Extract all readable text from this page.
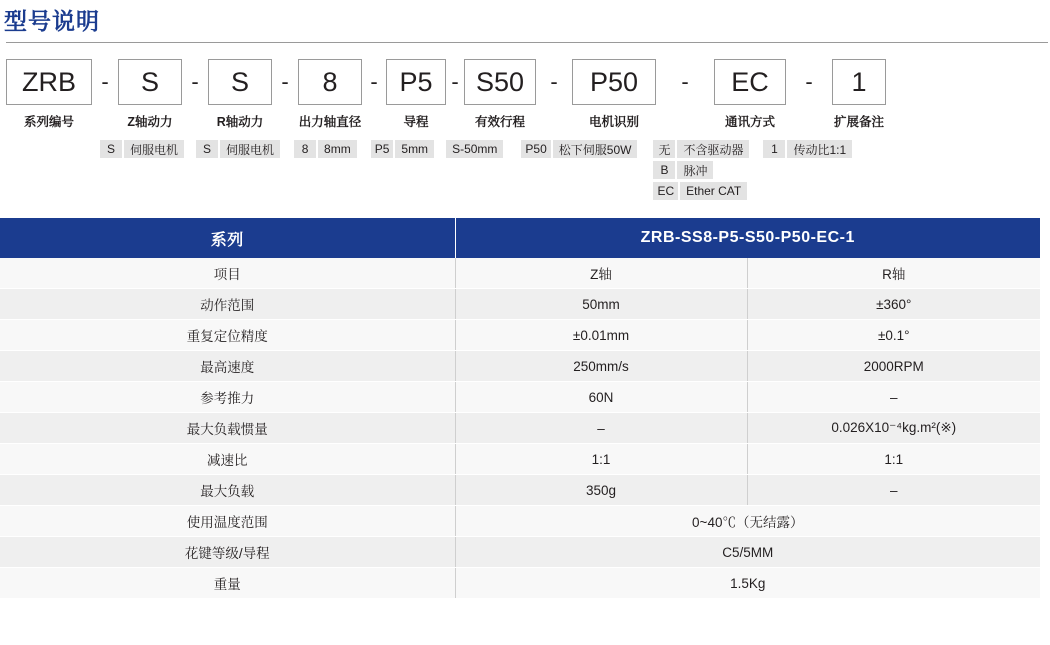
型号说明
ZRB
系列编号
-	S
Z轴动力
-	S
R轴动力
-	8
出力轴直径
- P5
导程
- S50
有效行程
-	P50
电机识别
-	EC
通讯方式
-	1
扩展备注
S	伺服电机	S	伺服电机	8	8mm	P5	5mm	S-50mm	P50	松下伺服50W	无	不含驱动器
B	脉冲
EC	Ether CAT
1	传动比1:1
系列	ZRB-SS8-P5-S50-P50-EC-1	
项目	Z轴	R轴
动作范围	50mm	±360°
重复定位精度	±0.01mm	±0.1°
最高速度	250mm/s	2000RPM
参考推力	60N	–
最大负载惯量	–	0.026X10⁻⁴kg.m²(※)
减速比	1:1	1:1
最大负载	350g	–
使用温度范围	0~40℃（无结露）	
花键等级/导程	C5/5MM	
重量	1.5Kg	
